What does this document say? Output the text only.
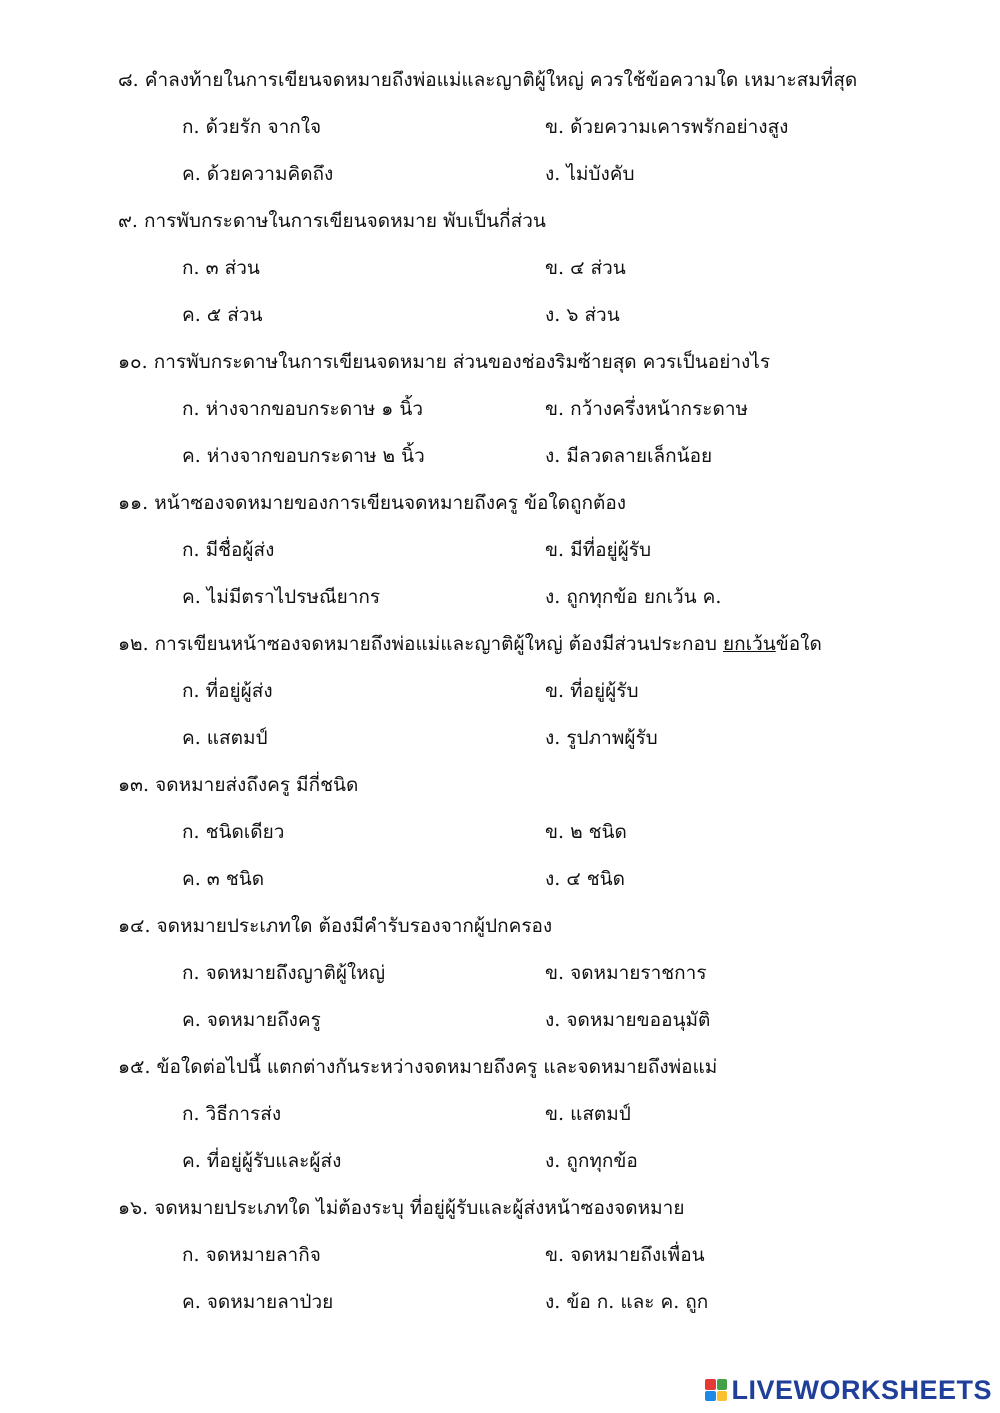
๘. คำลงท้ายในการเขียนจดหมายถึงพ่อแม่และญาติผู้ใหญ่ ควรใช้ข้อความใด เหมาะสมที่สุด
ก. ด้วยรัก จากใจ	ข. ด้วยความเคารพรักอย่างสูง
ค. ด้วยความคิดถึง	ง. ไม่บังคับ
๙. การพับกระดาษในการเขียนจดหมาย พับเป็นกี่ส่วน
ก. ๓ ส่วน	ข. ๔ ส่วน
ค. ๕ ส่วน	ง. ๖ ส่วน
๑๐. การพับกระดาษในการเขียนจดหมาย ส่วนของช่องริมซ้ายสุด ควรเป็นอย่างไร
ก. ห่างจากขอบกระดาษ ๑ นิ้ว	ข. กว้างครึ่งหน้ากระดาษ
ค. ห่างจากขอบกระดาษ ๒ นิ้ว	ง. มีลวดลายเล็กน้อย
๑๑. หน้าซองจดหมายของการเขียนจดหมายถึงครู ข้อใดถูกต้อง
ก. มีชื่อผู้ส่ง	ข. มีที่อยู่ผู้รับ
ค. ไม่มีตราไปรษณียากร	ง. ถูกทุกข้อ ยกเว้น ค.
๑๒. การเขียนหน้าซองจดหมายถึงพ่อแม่และญาติผู้ใหญ่ ต้องมีส่วนประกอบ ยกเว้นข้อใด
ก. ที่อยู่ผู้ส่ง	ข. ที่อยู่ผู้รับ
ค. แสตมป์	ง. รูปภาพผู้รับ
๑๓. จดหมายส่งถึงครู มีกี่ชนิด
ก. ชนิดเดียว	ข. ๒ ชนิด
ค. ๓ ชนิด	ง. ๔ ชนิด
๑๔. จดหมายประเภทใด ต้องมีคำรับรองจากผู้ปกครอง
ก. จดหมายถึงญาติผู้ใหญ่	ข. จดหมายราชการ
ค. จดหมายถึงครู	ง. จดหมายขออนุมัติ
๑๕. ข้อใดต่อไปนี้ แตกต่างกันระหว่างจดหมายถึงครู และจดหมายถึงพ่อแม่
ก. วิธีการส่ง	ข. แสตมป์
ค. ที่อยู่ผู้รับและผู้ส่ง	ง. ถูกทุกข้อ
๑๖. จดหมายประเภทใด ไม่ต้องระบุ ที่อยู่ผู้รับและผู้ส่งหน้าซองจดหมาย
ก. จดหมายลากิจ	ข. จดหมายถึงเพื่อน
ค. จดหมายลาป่วย	ง. ข้อ ก. และ ค. ถูก
LIVEWORKSHEETS
